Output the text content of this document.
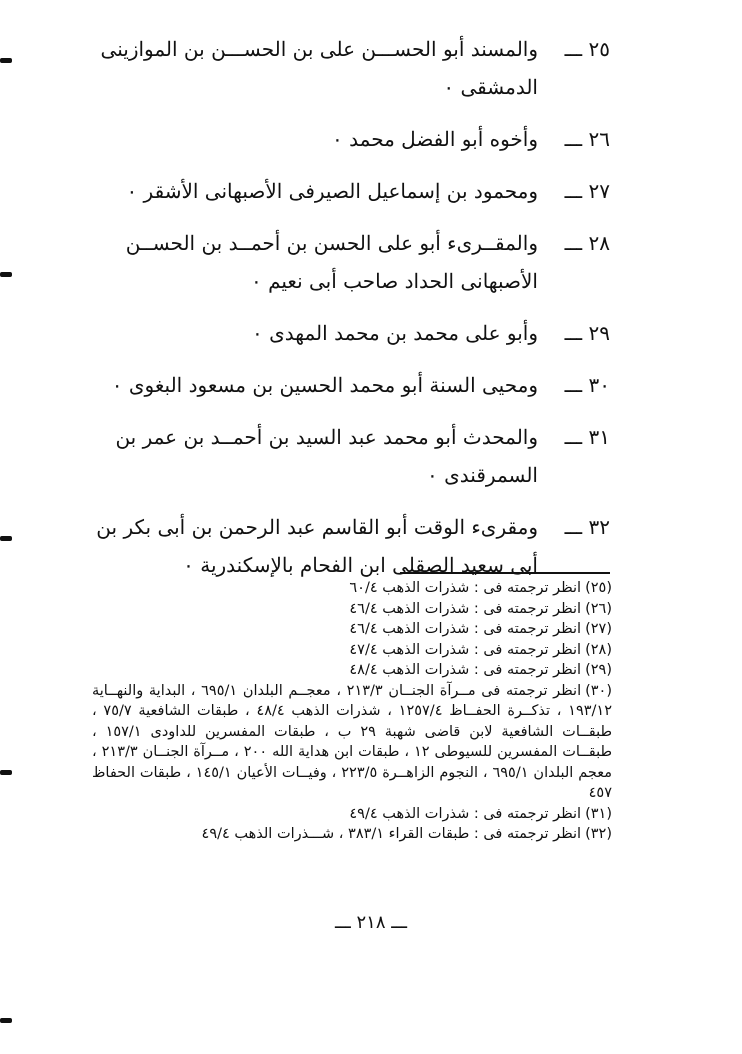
٢٥ ـــ
والمسند أبو الحســـن على بن الحســـن بن الموازينى
الدمشقى ٠
٢٦ ـــ
وأخوه أبو الفضل محمد ٠
٢٧ ـــ
ومحمود بن إسماعيل الصيرفى الأصبهانى الأشقر ٠
٢٨ ـــ
والمقــرىء أبو على الحسن بن أحمــد بن الحســن
الأصبهانى الحداد صاحب أبى نعيم ٠
٢٩ ـــ
وأبو على محمد بن محمد المهدى ٠
٣٠ ـــ
ومحيى السنة أبو محمد الحسين بن مسعود البغوى ٠
٣١ ـــ
والمحدث أبو محمد عبد السيد بن أحمــد بن عمر بن
السمرقندى ٠
٣٢ ـــ
ومقرىء الوقت أبو القاسم عبد الرحمن بن أبى بكر بن
أبى سعيد الصقلى ابن الفحام بالإسكندرية ٠
(٢٥)انظر ترجمته فى : شذرات الذهب ٦٠/٤
(٢٦)انظر ترجمته فى : شذرات الذهب ٤٦/٤
(٢٧)انظر ترجمته فى : شذرات الذهب ٤٦/٤
(٢٨)انظر ترجمته فى : شذرات الذهب ٤٧/٤
(٢٩)انظر ترجمته فى : شذرات الذهب ٤٨/٤
(٣٠)انظر ترجمته فى مــرآة الجنــان ٢١٣/٣ ، معجــم البلدان ٦٩٥/١ ، البداية والنهــاية ١٩٣/١٢ ، تذكــرة الحفــاظ ١٢٥٧/٤ ، شذرات الذهب ٤٨/٤ ، طبقات الشافعية ٧٥/٧ ، طبقــات الشافعية لابن قاضى شهبة ٢٩ ب ، طبقات المفسرين للداودى ١٥٧/١ ، طبقــات المفسرين للسيوطى ١٢ ، طبقات ابن هداية الله ٢٠٠ ، مــرآة الجنــان ٢١٣/٣ ، معجم البلدان ٦٩٥/١ ، النجوم الزاهــرة ٢٢٣/٥ ، وفيــات الأعيان ١٤٥/١ ، طبقات الحفاظ ٤٥٧
(٣١)انظر ترجمته فى : شذرات الذهب ٤٩/٤
(٣٢)انظر ترجمته فى : طبقات القراء ٣٨٣/١ ، شـــذرات الذهب ٤٩/٤
ـــ ٢١٨ ـــ
